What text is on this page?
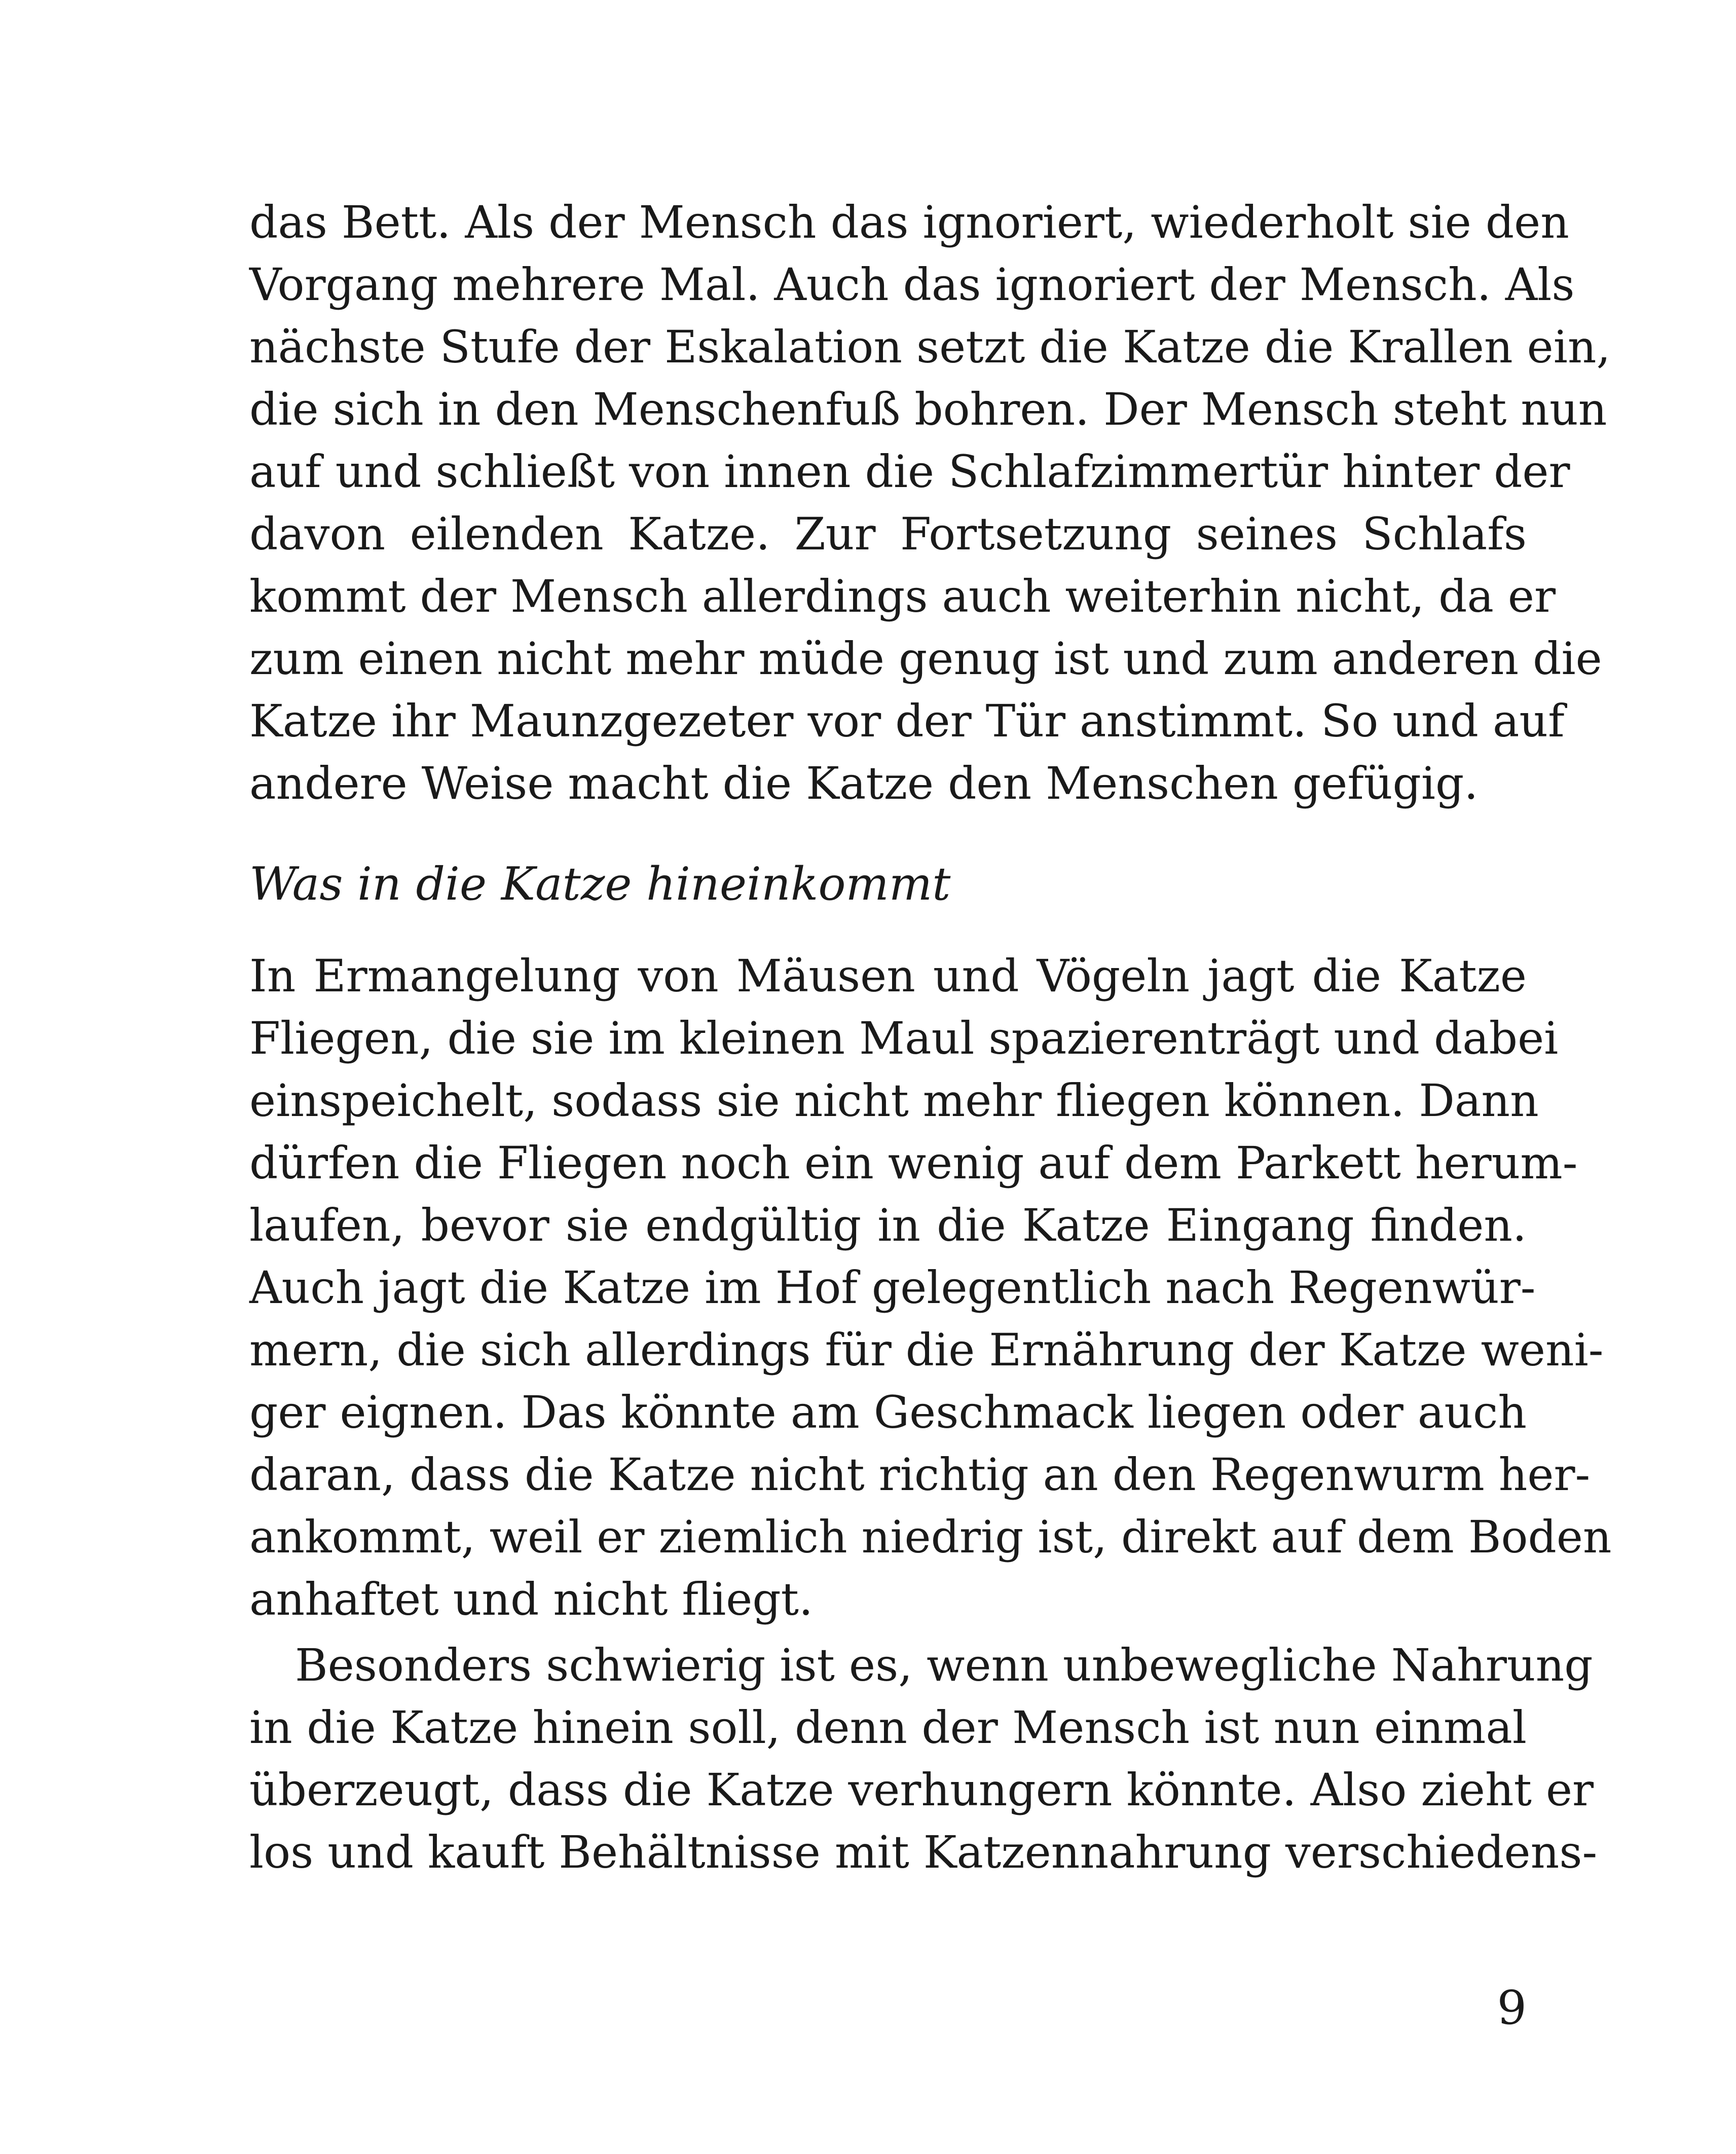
das Bett. Als der Mensch das ignoriert, wiederholt sie den
Vorgang mehrere Mal. Auch das ignoriert der Mensch. Als
nächste Stufe der Eskalation setzt die Katze die Krallen ein,
die sich in den Menschenfuß bohren. Der Mensch steht nun
auf und schließt von innen die Schlafzimmertür hinter der
davon eilenden Katze. Zur Fortsetzung seines Schlafs
kommt der Mensch allerdings auch weiterhin nicht, da er
zum einen nicht mehr müde genug ist und zum anderen die
Katze ihr Maunzgezeter vor der Tür anstimmt. So und auf
andere Weise macht die Katze den Menschen gefügig.
Was in die Katze hineinkommt
In Ermangelung von Mäusen und Vögeln jagt die Katze
Fliegen, die sie im kleinen Maul spazierenträgt und dabei
einspeichelt, sodass sie nicht mehr fliegen können. Dann
dürfen die Fliegen noch ein wenig auf dem Parkett herum-
laufen, bevor sie endgültig in die Katze Eingang finden.
Auch jagt die Katze im Hof gelegentlich nach Regenwür-
mern, die sich allerdings für die Ernährung der Katze weni-
ger eignen. Das könnte am Geschmack liegen oder auch
daran, dass die Katze nicht richtig an den Regenwurm her-
ankommt, weil er ziemlich niedrig ist, direkt auf dem Boden
anhaftet und nicht fliegt.
Besonders schwierig ist es, wenn unbewegliche Nahrung
in die Katze hinein soll, denn der Mensch ist nun einmal
überzeugt, dass die Katze verhungern könnte. Also zieht er
los und kauft Behältnisse mit Katzennahrung verschiedens-
9
